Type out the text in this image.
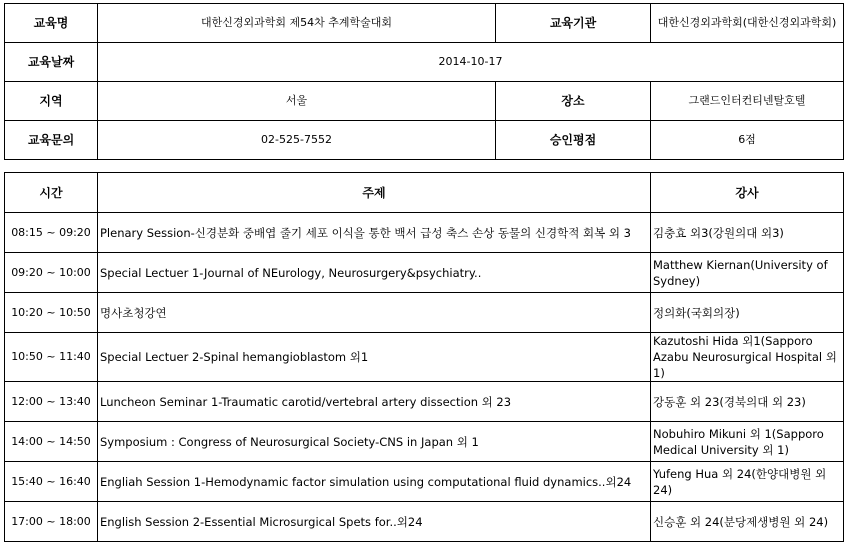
교육명	대한신경외과학회 제54차 추계학술대회	교육기관	대한신경외과학회(대한신경외과학회)
교육날짜	2014-10-17		
지역	서울	장소	그랜드인터컨티넨탈호텔
교육문의	02-525-7552	승인평점	6점
시간	주제	강사
08:15 ~ 09:20	Plenary Session-신경분화 중배엽 줄기 세포 이식을 통한 백서 급성 축스 손상 동물의 신경학적 회복 외 3	김충효 외3(강원의대 외3)
09:20 ~ 10:00	Special Lectuer 1-Journal of NEurology, Neurosurgery&psychiatry..	Matthew Kiernan(University of Sydney)
10:20 ~ 10:50	명사초청강연	정의화(국회의장)
10:50 ~ 11:40	Special Lectuer 2-Spinal hemangioblastom 외1	Kazutoshi Hida 외1(Sapporo Azabu Neurosurgical Hospital 외1)
12:00 ~ 13:40	Luncheon Seminar 1-Traumatic carotid/vertebral artery dissection 외 23	강동훈 외 23(경북의대 외 23)
14:00 ~ 14:50	Symposium : Congress of Neurosurgical Society-CNS in Japan 외 1	Nobuhiro Mikuni 외 1(Sapporo Medical University 외 1)
15:40 ~ 16:40	Engliah Session 1-Hemodynamic factor simulation using computational fluid dynamics..외24	Yufeng Hua 외 24(한양대병원 외 24)
17:00 ~ 18:00	English Session 2-Essential Microsurgical Spets for..외24	신승훈 외 24(분당제생병원 외 24)
